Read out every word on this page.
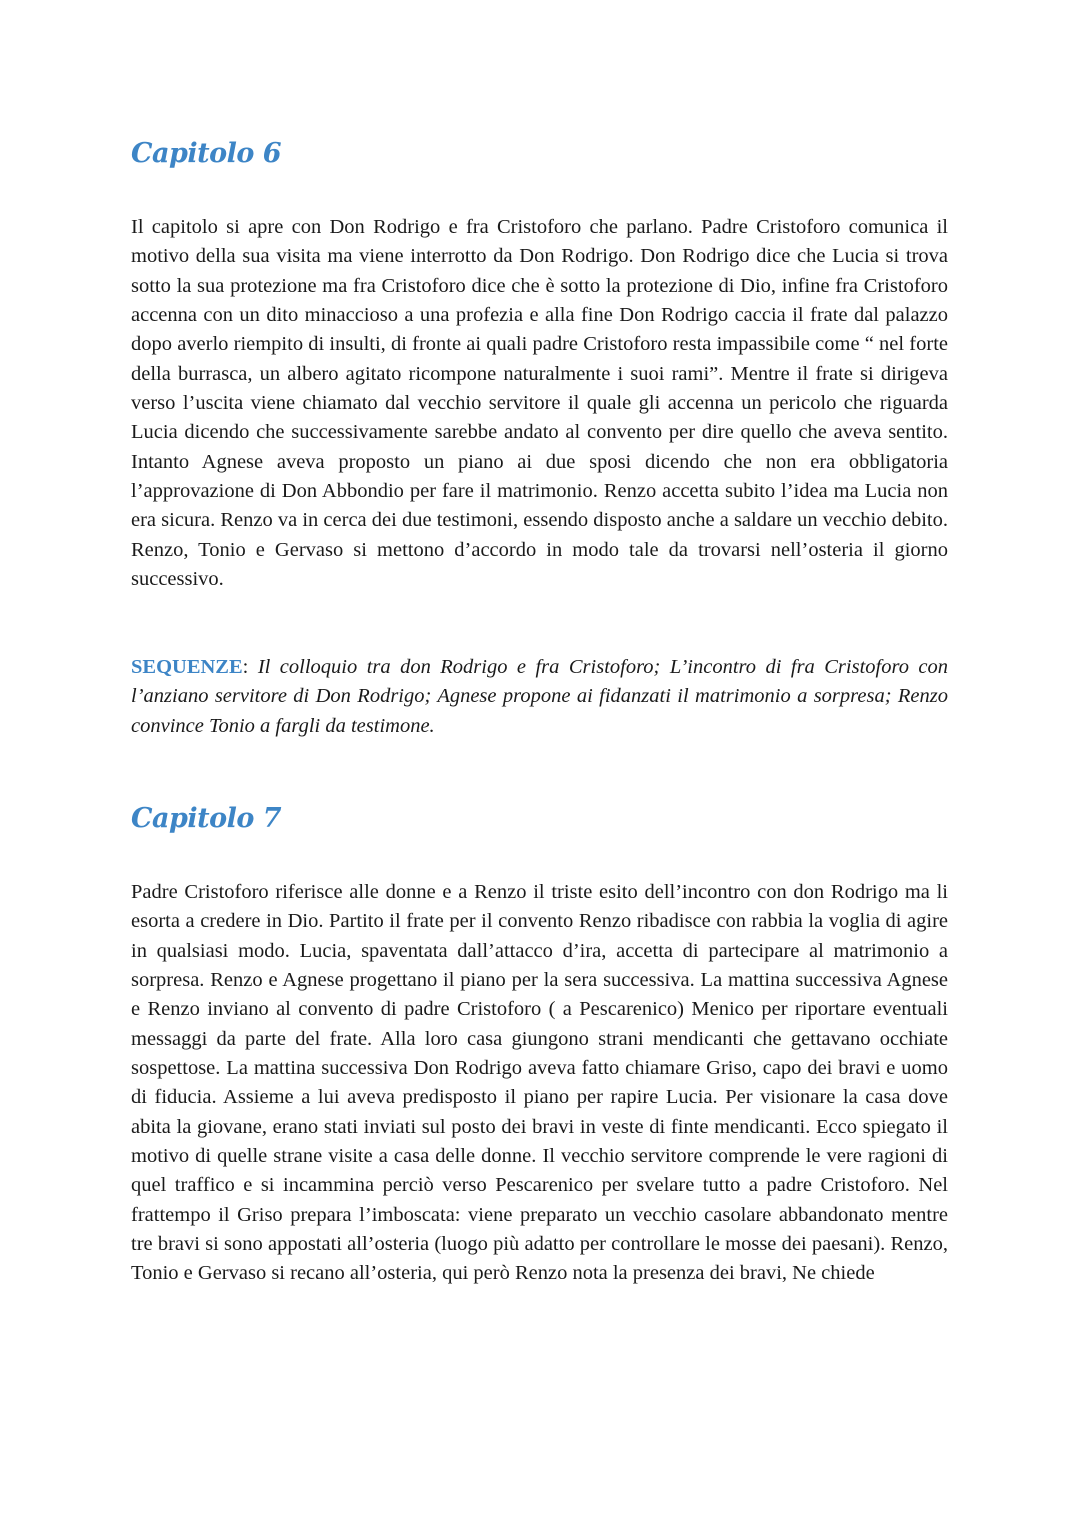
Capitolo 6

Il capitolo si apre con Don Rodrigo e fra Cristoforo che parlano. Padre Cristoforo comunica il motivo della sua visita ma viene interrotto da Don Rodrigo. Don Rodrigo dice che Lucia si trova sotto la sua protezione ma fra Cristoforo dice che è sotto la protezione di Dio, infine fra Cristoforo accenna con un dito minaccioso a una profezia e alla fine Don Rodrigo caccia il frate dal palazzo dopo averlo riempito di insulti, di fronte ai quali padre Cristoforo resta impassibile come “ nel forte della burrasca, un albero agitato ricompone naturalmente i suoi rami”. Mentre il frate si dirigeva verso l’uscita viene chiamato dal vecchio servitore il quale gli accenna un pericolo che riguarda Lucia dicendo che successivamente sarebbe andato al convento per dire quello che aveva sentito. Intanto Agnese aveva proposto un piano ai due sposi dicendo che non era obbligatoria l’approvazione di Don Abbondio per fare il matrimonio. Renzo accetta subito l’idea ma Lucia non era sicura. Renzo va in cerca dei due testimoni, essendo disposto anche a saldare un vecchio debito. Renzo, Tonio e Gervaso si mettono d’accordo in modo tale da trovarsi nell’osteria il giorno successivo.

SEQUENZE: Il colloquio tra don Rodrigo e fra Cristoforo; L’incontro di fra Cristoforo con l’anziano servitore di Don Rodrigo; Agnese propone ai fidanzati il matrimonio a sorpresa; Renzo convince Tonio a fargli da testimone.

Capitolo 7

Padre Cristoforo riferisce alle donne e a Renzo il triste esito dell’incontro con don Rodrigo ma li esorta a credere in Dio. Partito il frate per il convento Renzo ribadisce con rabbia la voglia di agire in qualsiasi modo. Lucia, spaventata dall’attacco d’ira, accetta di partecipare al matrimonio a sorpresa. Renzo e Agnese progettano il piano per la sera successiva. La mattina successiva Agnese e Renzo inviano al convento di padre Cristoforo ( a Pescarenico) Menico per riportare eventuali messaggi da parte del frate. Alla loro casa giungono strani mendicanti che gettavano occhiate sospettose. La mattina successiva Don Rodrigo aveva fatto chiamare Griso, capo dei bravi e uomo di fiducia. Assieme a lui aveva predisposto il piano per rapire Lucia. Per visionare la casa dove abita la giovane, erano stati inviati sul posto dei bravi in veste di finte mendicanti. Ecco spiegato il motivo di quelle strane visite a casa delle donne. Il vecchio servitore comprende le vere ragioni di quel traffico e si incammina perciò verso Pescarenico per svelare tutto a padre Cristoforo. Nel frattempo il Griso prepara l’imboscata: viene preparato un vecchio casolare abbandonato mentre tre bravi si sono appostati all’osteria (luogo più adatto per controllare le mosse dei paesani). Renzo, Tonio e Gervaso si recano all’osteria, qui però Renzo nota la presenza dei bravi, Ne chiede
